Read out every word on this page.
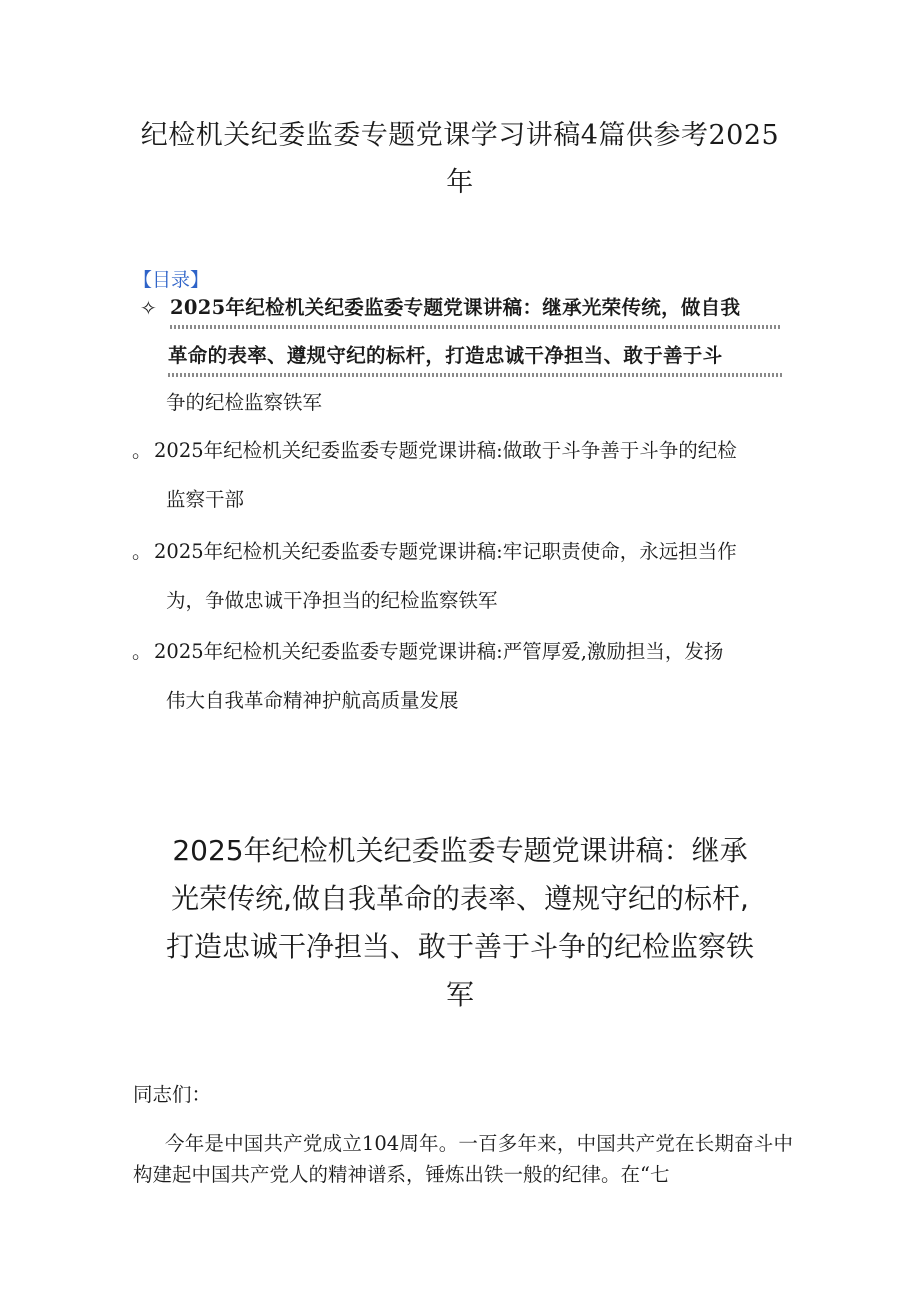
纪检机关纪委监委专题党课学习讲稿4篇供参考2025
年
【目录】
✧ 2025年纪检机关纪委监委专题党课讲稿：继承光荣传统，做自我
革命的表率、遵规守纪的标杆，打造忠诚干净担当、敢于善于斗
争的纪检监察铁军
。 2025年纪检机关纪委监委专题党课讲稿:做敢于斗争善于斗争的纪检
监察干部
。 2025年纪检机关纪委监委专题党课讲稿:牢记职责使命，永远担当作
为，争做忠诚干净担当的纪检监察铁军
。 2025年纪检机关纪委监委专题党课讲稿:严管厚爱,激励担当，发扬
伟大自我革命精神护航高质量发展
2025年纪检机关纪委监委专题党课讲稿：继承
光荣传统,做自我革命的表率、遵规守纪的标杆,
打造忠诚干净担当、敢于善于斗争的纪检监察铁
军
同志们：
今年是中国共产党成立104周年。一百多年来，中国共产党在长期奋斗中构建起中国共产党人的精神谱系，锤炼出铁一般的纪律。在“七
